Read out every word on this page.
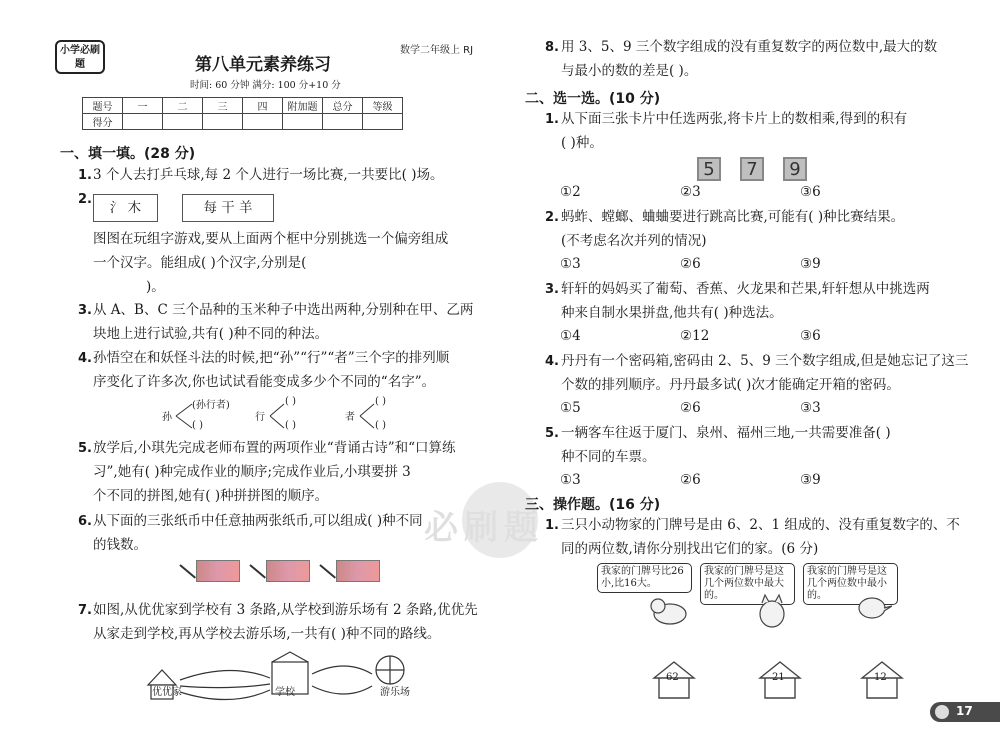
小学必刷题	第八单元素养练习
数学二年级上 RJ
时间: 60 分钟 满分: 100 分+10 分
题号	一	二	三	四	附加题	总分	等级
得分							
一、填一填。(28 分)
1. 3 个人去打乒乓球,每 2 个人进行一场比赛,一共要比( )场。
2.
氵 木	每 干 羊
图图在玩组字游戏,要从上面两个框中分别挑选一个偏旁组成
一个汉字。能组成( )个汉字,分别是(
)。
3. 从 A、B、C 三个品种的玉米种子中选出两种,分别种在甲、乙两
块地上进行试验,共有( )种不同的种法。
4. 孙悟空在和妖怪斗法的时候,把“孙”“行”“者”三个字的排列顺
序变化了许多次,你也试试看能变成多少个不同的“名字”。
孙
(孙行者)
( )
行
( )
( )
者
( )
( )
5. 放学后,小琪先完成老师布置的两项作业“背诵古诗”和“口算练
习”,她有( )种完成作业的顺序;完成作业后,小琪要拼 3
个不同的拼图,她有( )种拼拼图的顺序。
6. 从下面的三张纸币中任意抽两张纸币,可以组成( )种不同
的钱数。
7. 如图,从优优家到学校有 3 条路,从学校到游乐场有 2 条路,优优先
从家走到学校,再从学校去游乐场,一共有( )种不同的路线。
优优家	学校	游乐场
必刷题
8. 用 3、5、9 三个数字组成的没有重复数字的两位数中,最大的数
与最小的数的差是( )。
二、选一选。(10 分)
1. 从下面三张卡片中任选两张,将卡片上的数相乘,得到的积有
( )种。
5	7	9
①2	②3	③6
2. 蚂蚱、螳螂、蛐蛐要进行跳高比赛,可能有( )种比赛结果。
(不考虑名次并列的情况)
①3	②6	③9
3. 轩轩的妈妈买了葡萄、香蕉、火龙果和芒果,轩轩想从中挑选两
种来自制水果拼盘,他共有( )种选法。
①4	②12	③6
4. 丹丹有一个密码箱,密码由 2、5、9 三个数字组成,但是她忘记了这三
个数的排列顺序。丹丹最多试( )次才能确定开箱的密码。
①5	②6	③3
5. 一辆客车往返于厦门、泉州、福州三地,一共需要准备( )
种不同的车票。
①3	②6	③9
三、操作题。(16 分)
1. 三只小动物家的门牌号是由 6、2、1 组成的、没有重复数字的、不
同的两位数,请你分别找出它们的家。(6 分)
我家的门牌号比26小,比16大。
我家的门牌号是这几个两位数中最大的。
我家的门牌号是这几个两位数中最小的。
62	21	12
17
